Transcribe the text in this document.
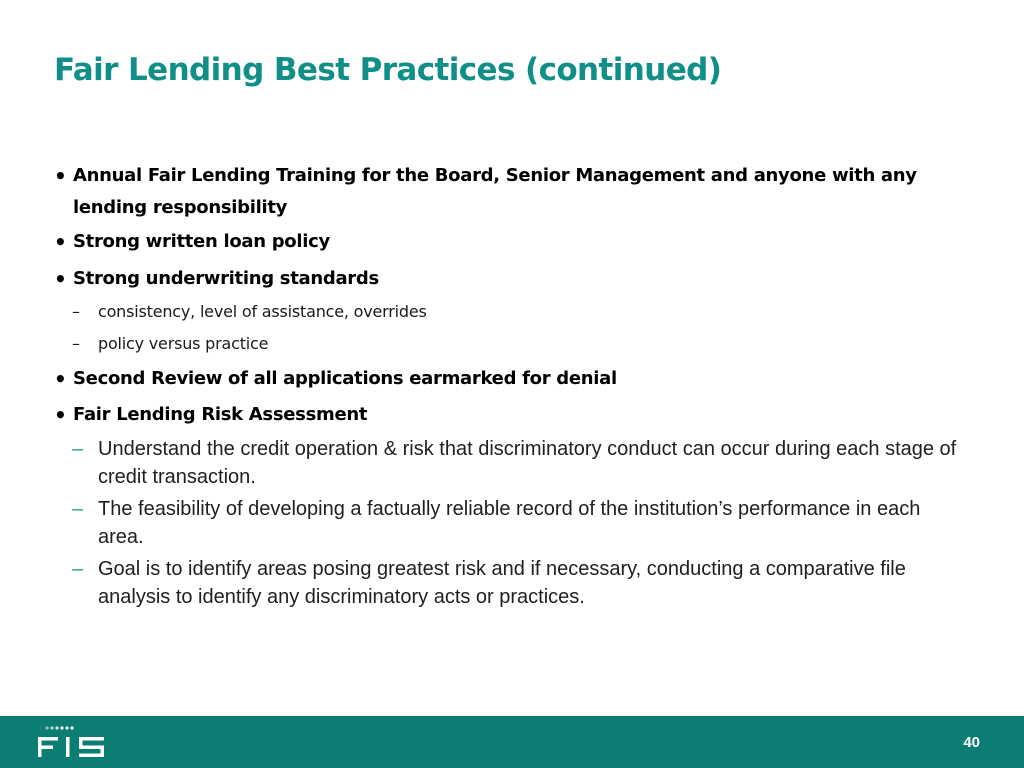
Fair Lending Best Practices (continued)
• Annual Fair Lending Training for the Board, Senior Management and anyone with any lending responsibility
• Strong written loan policy
• Strong underwriting standards
– consistency, level of assistance, overrides
– policy versus practice
• Second Review of all applications earmarked for denial
• Fair Lending Risk Assessment
– Understand the credit operation & risk that discriminatory conduct can occur during each stage of credit transaction.
– The feasibility of developing a factually reliable record of the institution’s performance in each area.
– Goal is to identify areas posing greatest risk and if necessary, conducting a comparative file analysis to identify any discriminatory acts or practices.
40
